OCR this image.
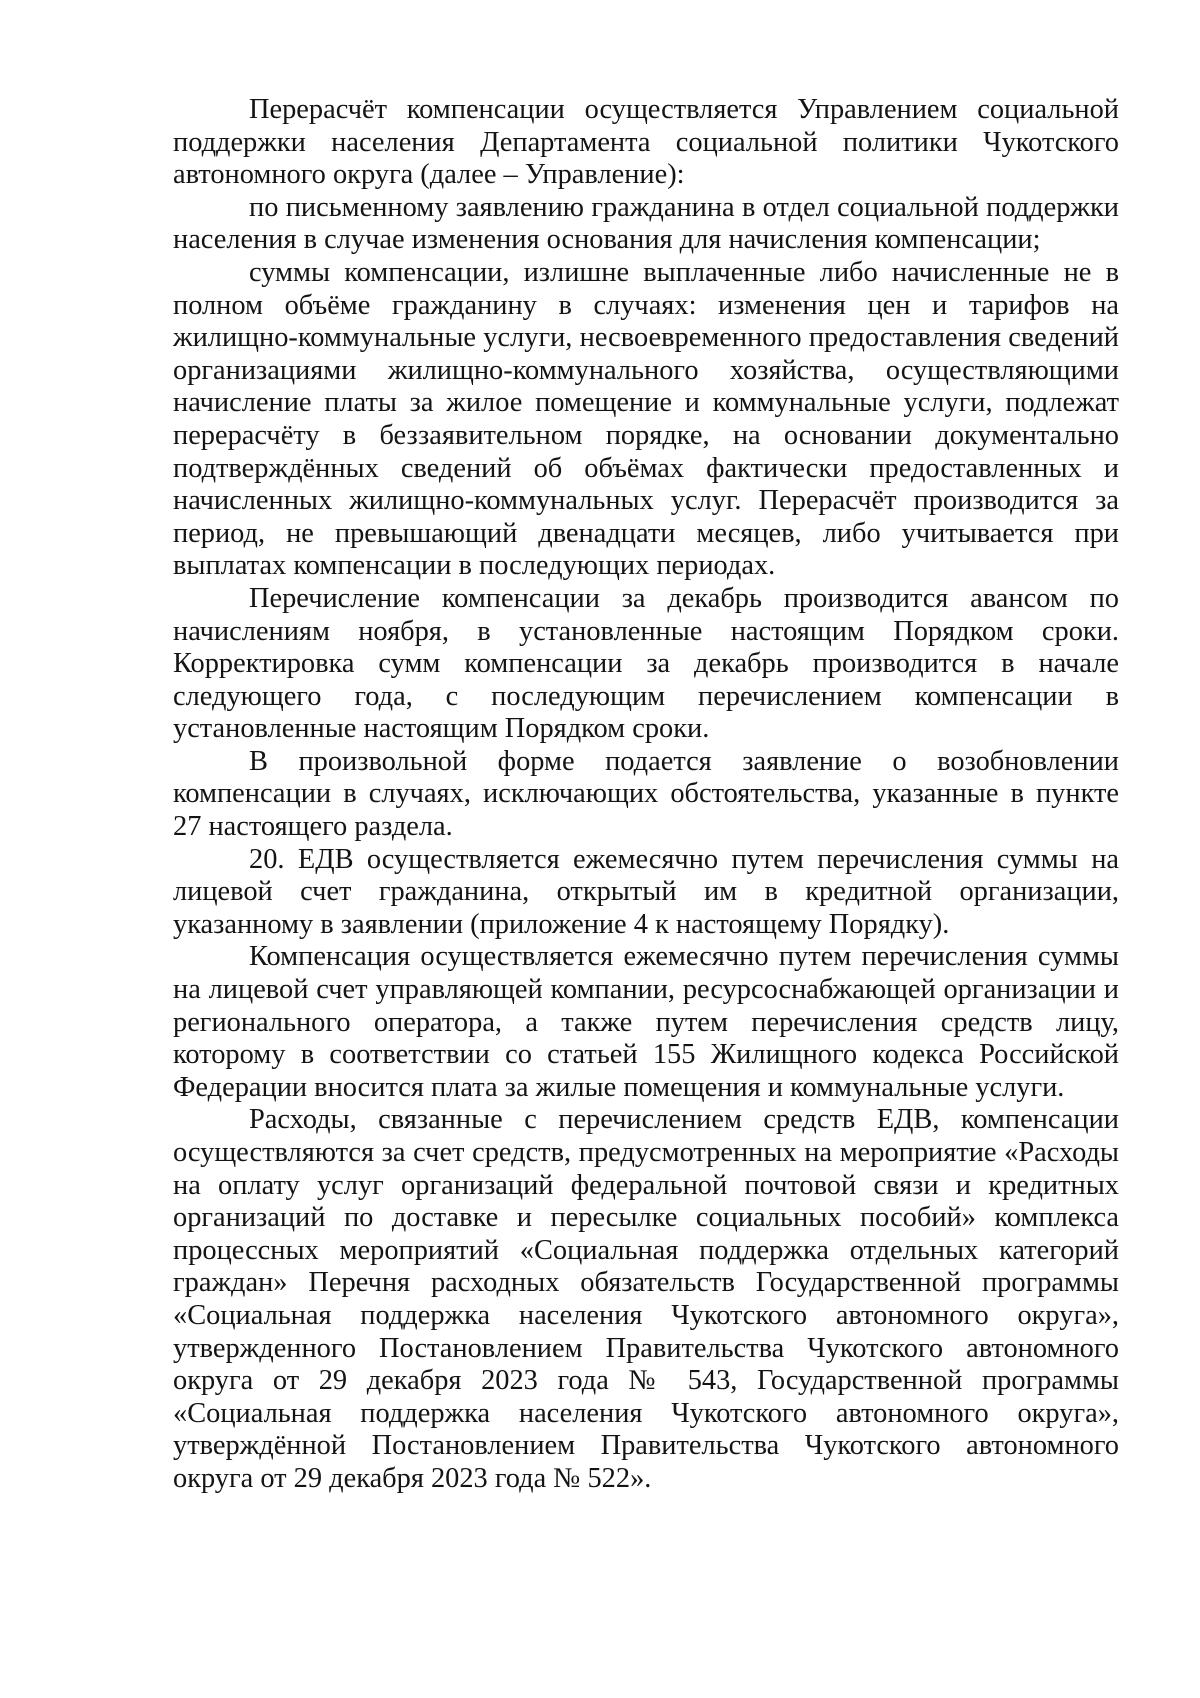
Перерасчёт компенсации осуществляется Управлением социальной поддержки населения Департамента социальной политики Чукотского автономного округа (далее – Управление):

по письменному заявлению гражданина в отдел социальной поддержки населения в случае изменения основания для начисления компенсации;

суммы компенсации, излишне выплаченные либо начисленные не в полном объёме гражданину в случаях: изменения цен и тарифов на жилищно-коммунальные услуги, несвоевременного предоставления сведений организациями жилищно-коммунального хозяйства, осуществляющими начисление платы за жилое помещение и коммунальные услуги, подлежат перерасчёту в беззаявительном порядке, на основании документально подтверждённых сведений об объёмах фактически предоставленных и начисленных жилищно-коммунальных услуг. Перерасчёт производится за период, не превышающий двенадцати месяцев, либо учитывается при выплатах компенсации в последующих периодах.

Перечисление компенсации за декабрь производится авансом по начислениям ноября, в установленные настоящим Порядком сроки. Корректировка сумм компенсации за декабрь производится в начале следующего года, с последующим перечислением компенсации в установленные настоящим Порядком сроки.

В произвольной форме подается заявление о возобновлении компенсации в случаях, исключающих обстоятельства, указанные в пункте 27 настоящего раздела.

20. ЕДВ осуществляется ежемесячно путем перечисления суммы на лицевой счет гражданина, открытый им в кредитной организации, указанному в заявлении (приложение 4 к настоящему Порядку).

Компенсация осуществляется ежемесячно путем перечисления суммы на лицевой счет управляющей компании, ресурсоснабжающей организации и регионального оператора, а также путем перечисления средств лицу, которому в соответствии со статьей 155 Жилищного кодекса Российской Федерации вносится плата за жилые помещения и коммунальные услуги.

Расходы, связанные с перечислением средств ЕДВ, компенсации осуществляются за счет средств, предусмотренных на мероприятие «Расходы на оплату услуг организаций федеральной почтовой связи и кредитных организаций по доставке и пересылке социальных пособий» комплекса процессных мероприятий «Социальная поддержка отдельных категорий граждан» Перечня расходных обязательств Государственной программы «Социальная поддержка населения Чукотского автономного округа», утвержденного Постановлением Правительства Чукотского автономного округа от 29 декабря 2023 года № 543, Государственной программы «Социальная поддержка населения Чукотского автономного округа», утверждённой Постановлением Правительства Чукотского автономного округа от 29 декабря 2023 года № 522».
